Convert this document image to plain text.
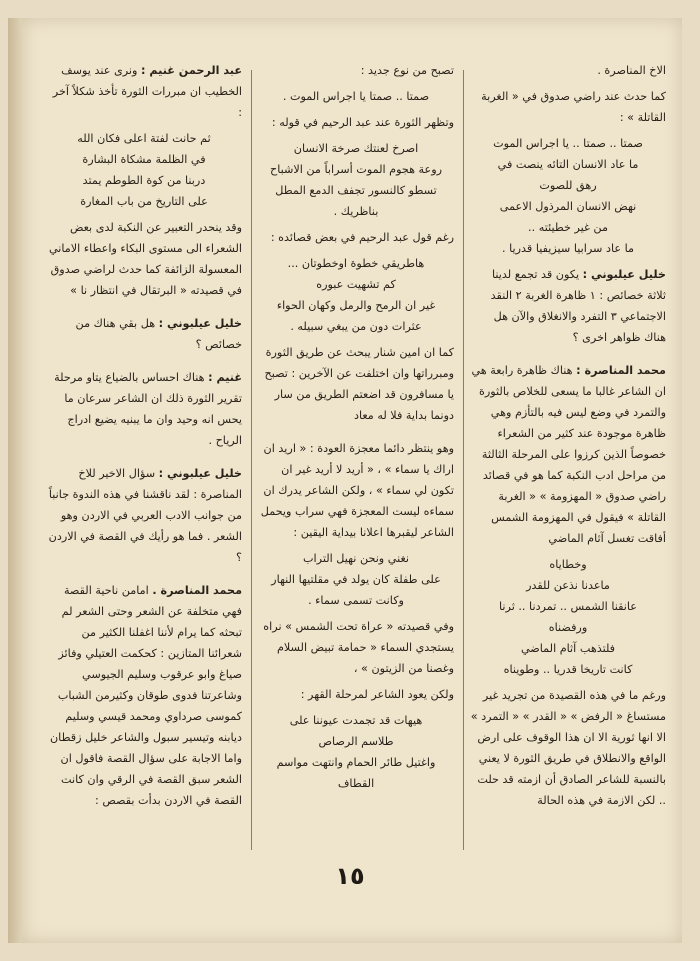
الاخ المناصرة .

كما حدث عند راضي صدوق في « الغربة القاتلة » :

صمتا .. صمتا .. يا اجراس الموت
ما عاد الانسان التائه ينصت في
رهق للصوت
نهض الانسان المرذول الاعمى
من غير خطيئته ..
ما عاد سرابيا سيزيفيا قدريا .

خليل عيلبوني : يكون قد تجمع لدينا ثلاثة خصائص : ١ ظاهرة الغربة ٢ النقد الاجتماعي ٣ التفرد والانغلاق والآن هل هناك ظواهر اخرى ؟

محمد المناصرة : هناك ظاهرة رابعة هي ان الشاعر غالبا ما يسعى للخلاص بالثورة والتمرد في وضع ليس فيه بالتأزم وهي ظاهرة موجودة عند كثير من الشعراء خصوصاً الذين كرزوا على المرحلة الثالثة من مراحل ادب النكبة كما هو في قصائد راضي صدوق « المهزومة » « الغربة القاتلة » فيقول في المهزومة الشمس أفاقت تغسل آثام الماضي

وخطاياه
ماعدنا نذعن للقدر
عانقنا الشمس .. تمردنا .. ثرنا
ورفضناه
فلتذهب آثام الماضي
كانت تاريخا قدريا .. وطويناه

ورغم ما في هذه القصيدة من تجريد غير مستساغ « الرفض » « القدر » « التمرد » الا انها ثورية الا ان هذا الوقوف على ارض الواقع والانطلاق في طريق الثورة لا يعني بالنسبة للشاعر الصادق أن ازمته قد حلت .. لكن الازمة في هذه الحالة

تصبح من نوع جديد :

صمتا .. صمتا يا اجراس الموت .

وتظهر الثورة عند عبد الرحيم في قوله :

اصرخ لعنتك صرخة الانسان
روعة هجوم الموت أسراباً من الاشباح
تسطو كالنسور تجفف الدمع المطل
بناظريك .

رغم قول عبد الرحيم في بعض قصائده :

هاطريقي خطوة اوخطوتان ...
كم تشهيت عبوره
غير ان الرمح والرمل وكهان الحواء
عثرات دون من يبغي سبيله .

كما ان امين شنار يبحث عن طريق الثورة ومبرراتها وان اختلفت عن الآخرين : تصبح يا مسافرون قد اضعتم الطريق من سار دونما بداية فلا له معاد

وهو ينتظر دائما معجزة العودة : « اريد ان اراك يا سماء » ، « أريد لا أريد غير ان تكون لي سماء » ، ولكن الشاعر يدرك ان سماءه ليست المعجزة فهي سراب ويحمل الشاعر ليقبرها اعلانا بيداية اليقين :

نغني ونحن نهيل التراب
على طفلة كان يولد في مقلتيها النهار
وكانت تسمى سماء .

وفي قصيدته « عراة تحت الشمس » نراه يستجدي السماء « حمامة تبيض السلام وغصنا من الزيتون » ،

ولكن يعود الشاعر لمرحلة القهر :

هيهات قد تجمدت عيوننا على
طلاسم الرصاص
واغتيل طائر الحمام وانتهت مواسم
القطاف

عبد الرحمن غنيم : ونرى عند يوسف الخطيب ان مبررات الثورة تأخذ شكلاً آخر :

ثم حانت لفتة اعلى فكان الله
في الظلمة مشكاة البشارة
دربنا من كوة الطوطم يمتد
على التاريخ من باب المغارة

وقد ينحدر التعبير عن النكبة لدى بعض الشعراء الى مستوى البكاء واعطاء الاماني المعسولة الزائفة كما حدث لراضي صدوق في قصيدته « البرتقال في انتظار نا »

خليل عيلبوني : هل بقي هناك من خصائص ؟

غنيم : هناك احساس بالضياع يتاو مرحلة تقرير الثورة ذلك ان الشاعر سرعان ما يحس انه وحيد وان ما يبنيه يضيع ادراج الرياح .

خليل عيلبوني : سؤال الاخير للاخ المناصرة : لقد ناقشنا في هذه الندوة جانباً من جوانب الادب العربي في الاردن وهو الشعر . فما هو رأيك في القصة في الاردن ؟

محمد المناصرة . امامن ناحية القصة فهي متخلفة عن الشعر وحتى الشعر لم تبحثه كما يرام لأننا اغفلنا الكثير من شعرائنا المتازين : كحكمت العتيلي وفائز صياغ وابو عرقوب وسليم الجيوسي وشاعرتنا فدوى طوقان وكثيرمن الشباب كموسى صرداوي ومحمد قيسي وسليم ديابنه وتيسير سبول والشاعر خليل زقطان واما الاجابة على سؤال القصة فاقول ان الشعر سبق القصة في الرقي وان كانت القصة في الاردن بدأت بقصص :

١٥
